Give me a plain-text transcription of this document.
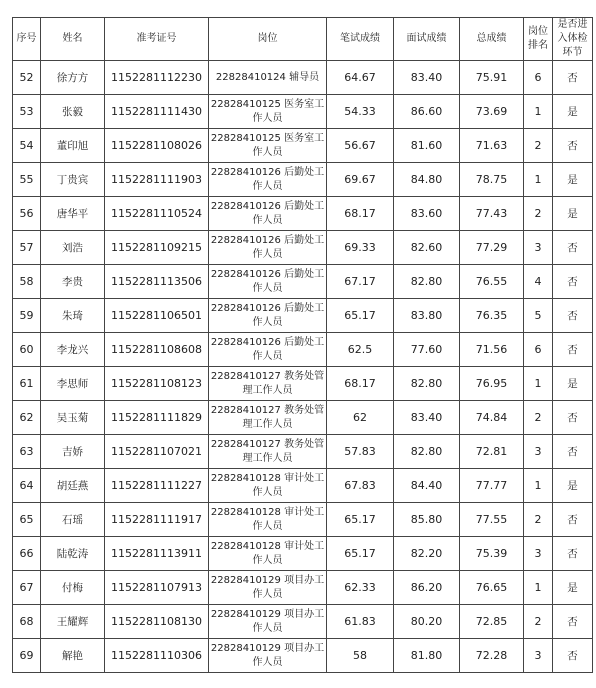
序号	姓名	准考证号	岗位	笔试成绩	面试成绩	总成绩	岗位排名	是否进入体检环节
52	徐方方	1152281112230	22828410124 辅导员	64.67	83.40	75.91	6	否
53	张毅	1152281111430	22828410125 医务室工作人员	54.33	86.60	73.69	1	是
54	董印旭	1152281108026	22828410125 医务室工作人员	56.67	81.60	71.63	2	否
55	丁贵宾	1152281111903	22828410126 后勤处工作人员	69.67	84.80	78.75	1	是
56	唐华平	1152281110524	22828410126 后勤处工作人员	68.17	83.60	77.43	2	是
57	刘浩	1152281109215	22828410126 后勤处工作人员	69.33	82.60	77.29	3	否
58	李贵	1152281113506	22828410126 后勤处工作人员	67.17	82.80	76.55	4	否
59	朱琦	1152281106501	22828410126 后勤处工作人员	65.17	83.80	76.35	5	否
60	李龙兴	1152281108608	22828410126 后勤处工作人员	62.5	77.60	71.56	6	否
61	李思师	1152281108123	22828410127 教务处管理工作人员	68.17	82.80	76.95	1	是
62	吴玉菊	1152281111829	22828410127 教务处管理工作人员	62	83.40	74.84	2	否
63	吉娇	1152281107021	22828410127 教务处管理工作人员	57.83	82.80	72.81	3	否
64	胡廷燕	1152281111227	22828410128 审计处工作人员	67.83	84.40	77.77	1	是
65	石瑶	1152281111917	22828410128 审计处工作人员	65.17	85.80	77.55	2	否
66	陆乾涛	1152281113911	22828410128 审计处工作人员	65.17	82.20	75.39	3	否
67	付梅	1152281107913	22828410129 项目办工作人员	62.33	86.20	76.65	1	是
68	王耀辉	1152281108130	22828410129 项目办工作人员	61.83	80.20	72.85	2	否
69	解艳	1152281110306	22828410129 项目办工作人员	58	81.80	72.28	3	否
